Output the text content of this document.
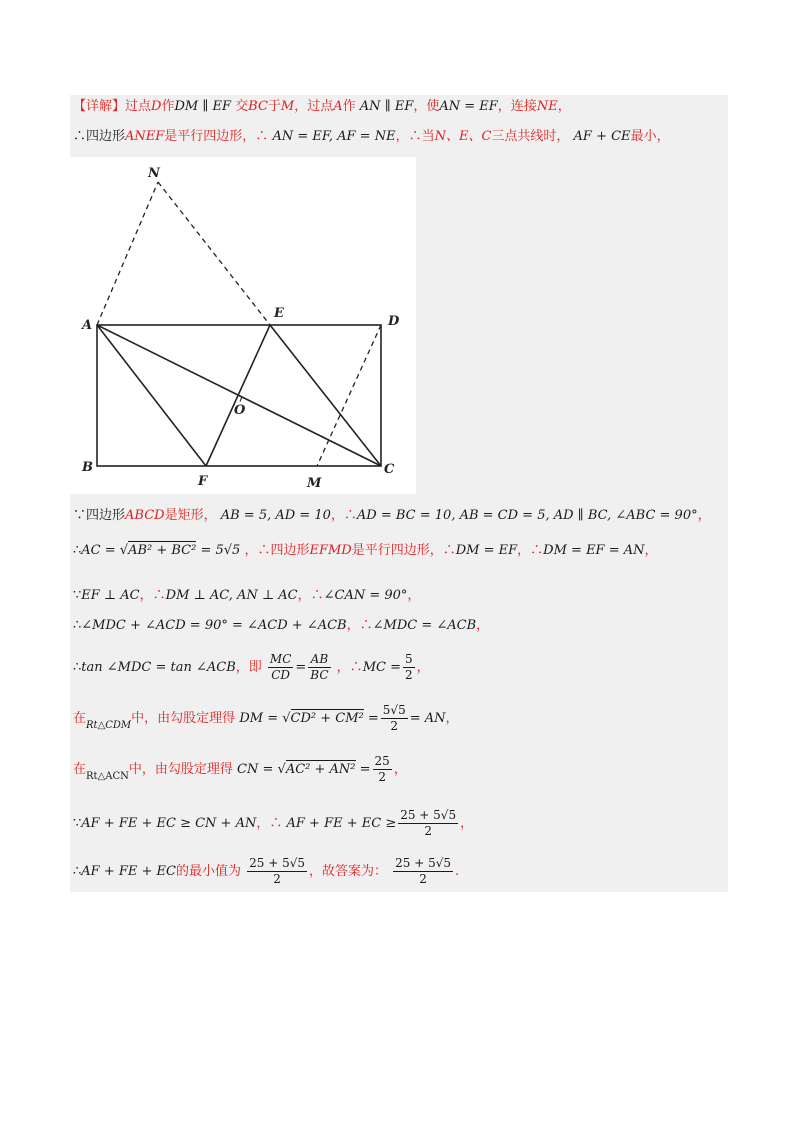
【详解】过点D作DM ∥ EF 交BC于M，过点A作 AN ∥ EF，使AN = EF，连接NE，
∴四边形ANEF是平行四边形，∴ AN = EF, AF = NE，∴当N、E、C三点共线时， AF + CE最小，
N
A
E
D
O
B
F	M
C
∵四边形ABCD是矩形， AB = 5, AD = 10，∴AD = BC = 10, AB = CD = 5, AD ∥ BC, ∠ABC = 90°，
∴AC = √AB² + BC² = 5√5 ，∴四边形EFMD是平行四边形，∴DM = EF，∴DM = EF = AN，
∵EF ⊥ AC，∴DM ⊥ AC, AN ⊥ AC，∴∠CAN = 90°，
∴∠MDC + ∠ACD = 90° = ∠ACD + ∠ACB，∴∠MDC = ∠ACB，
∴tan ∠MDC = tan ∠ACB，即 $\frac{MC}{CD} = \frac{AB}{BC}$ ，∴MC = $\frac{5}{2}$ ，
在$_{Rt\triangle CDM}$中，由勾股定理得 DM = $√CD^2 + CM^2 = \frac{5√5}{2}$ = AN，
在$_{Rt\triangle ACN}$中，由勾股定理得 CN = $√AC^2 + AN^2 = \frac{25}{2}$ ，
∵AF + FE + EC ≥ CN + AN，∴ AF + FE + EC ≥ $\frac{25 + 5√5}{2}$ ，
∴AF + FE + EC的最小值为 $\frac{25 + 5√5}{2}$ ，故答案为： $\frac{25 + 5√5}{2}$ .
